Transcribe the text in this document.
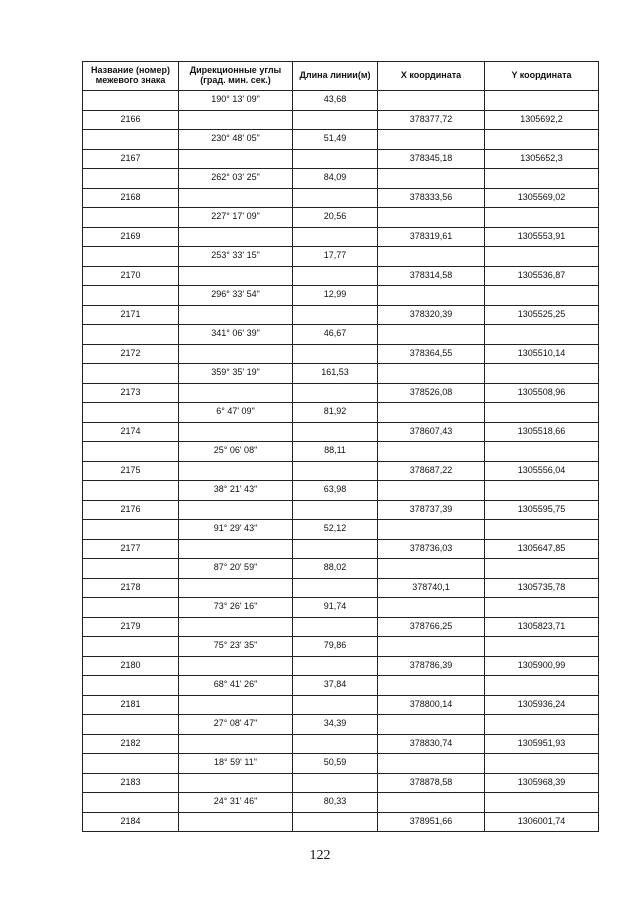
Название (номер) межевого знака	Дирекционные углы (град. мин. сек.)	Длина линии(м)	X координата	Y координата
	190° 13' 09"	43,68		
2166			378377,72	1305692,2
	230° 48' 05"	51,49		
2167			378345,18	1305652,3
	262° 03' 25"	84,09		
2168			378333,56	1305569,02
	227° 17' 09"	20,56		
2169			378319,61	1305553,91
	253° 33' 15"	17,77		
2170			378314,58	1305536,87
	296° 33' 54"	12,99		
2171			378320,39	1305525,25
	341° 06' 39"	46,67		
2172			378364,55	1305510,14
	359° 35' 19"	161,53		
2173			378526,08	1305508,96
	6° 47' 09"	81,92		
2174			378607,43	1305518,66
	25° 06' 08"	88,11		
2175			378687,22	1305556,04
	38° 21' 43"	63,98		
2176			378737,39	1305595,75
	91° 29' 43"	52,12		
2177			378736,03	1305647,85
	87° 20' 59"	88,02		
2178			378740,1	1305735,78
	73° 26' 16"	91,74		
2179			378766,25	1305823,71
	75° 23' 35"	79,86		
2180			378786,39	1305900,99
	68° 41' 26"	37,84		
2181			378800,14	1305936,24
	27° 08' 47"	34,39		
2182			378830,74	1305951,93
	18° 59' 11"	50,59		
2183			378878,58	1305968,39
	24° 31' 46"	80,33		
2184			378951,66	1306001,74
122
